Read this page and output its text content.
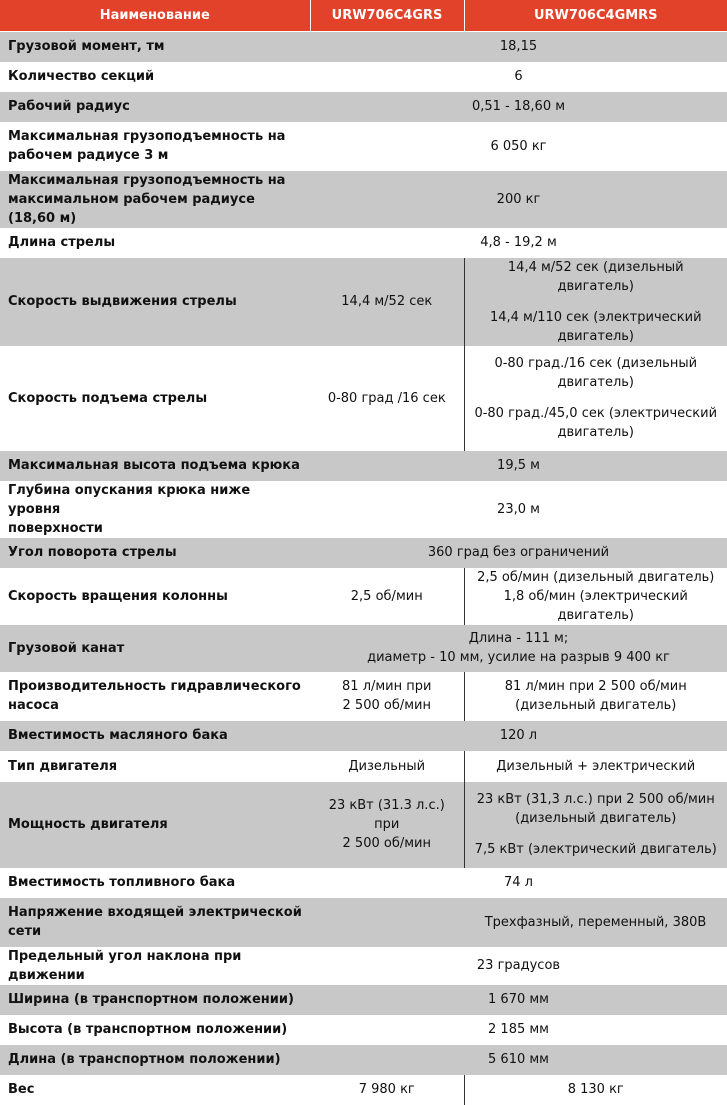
Наименование	URW706C4GRS	URW706C4GMRS
Грузовой момент, тм	18,15	
Количество секций	6	
Рабочий радиус	0,51 - 18,60 м	

Максимальная грузоподъемность на
рабочем радиусе 3 м	6 050 кг	

Максимальная грузоподъемность на
максимальном рабочем радиусе (18,60 м)	200 кг	
Длина стрелы	4,8 - 19,2 м	
Скорость выдвижения стрелы	14,4 м/52 сек	14,4 м/52 сек (дизельный двигатель)
14,4 м/110 сек (электрический
двигатель)

Скорость подъема стрелы	0-80 град /16 сек	0-80 град./16 сек (дизельный
двигатель)
0-80 град./45,0 сек (электрический
двигатель)

Максимальная высота подъема крюка	19,5 м	

Глубина опускания крюка ниже уровня
поверхности	23,0 м	
Угол поворота стрелы	360 град без ограничений	
Скорость вращения колонны	2,5 об/мин	2,5 об/мин (дизельный двигатель)
1,8 об/мин (электрический двигатель)

Грузовой канат	Длина - 111 м;
диаметр - 10 мм, усилие на разрыв 9 400 кг	

Производительность гидравлического
насоса	81 л/мин при
2 500 об/мин	81 л/мин при 2 500 об/мин
(дизельный двигатель)

Вместимость масляного бака	120 л	
Тип двигателя	Дизельный	Дизельный + электрический
Мощность двигателя	23 кВт (31.3 л.с.) при
2 500 об/мин	23 кВт (31,3 л.с.) при 2 500 об/мин
(дизельный двигатель)
7,5 кВт (электрический двигатель)

Вместимость топливного бака	74 л	

Напряжение входящей электрической
сети		Трехфазный, переменный, 380В
Предельный угол наклона при движении	23 градусов	
Ширина (в транспортном положении)	1 670 мм	
Высота (в транспортном положении)	2 185 мм	
Длина (в транспортном положении)	5 610 мм	
Вес	7 980 кг	8 130 кг
